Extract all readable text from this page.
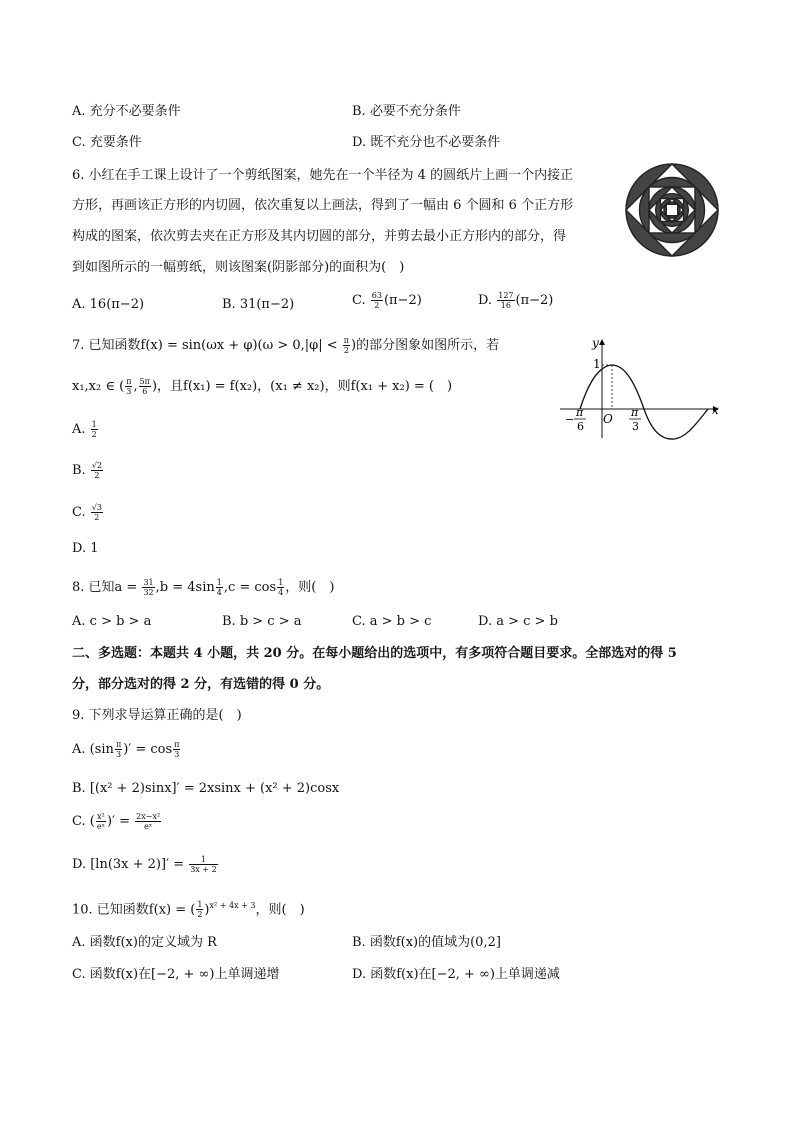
A. 充分不必要条件	B. 必要不充分条件
C. 充要条件	D. 既不充分也不必要条件
6. 小红在手工课上设计了一个剪纸图案，她先在一个半径为 4 的圆纸片上画一个内接正
方形，再画该正方形的内切圆，依次重复以上画法，得到了一幅由 6 个圆和 6 个正方形
构成的图案，依次剪去夹在正方形及其内切圆的部分，并剪去最小正方形内的部分，得
到如图所示的一幅剪纸，则该图案(阴影部分)的面积为(　)
A. 16(π−2)	B. 31(π−2)	C. $\frac{63}{2} (\pi-2)$	D. $\frac{127}{16} (\pi-2)$
7. 已知函数$f(x) = \sin(\omega x + \varphi)(\omega > 0,|\varphi| < \frac{\pi}{2}$ )的部分图象如图所示，若
x₁,x₂ ∈ ( $\frac{\pi}{3}$ , $\frac{5\pi}{6}$ )，且f(x₁) = f(x₂)，(x₁ ≠ x₂)，则f(x₁ + x₂) = (　)
y
x
O
1
−
π
6
π
3
A. $\frac{1}{2}$
B. $\frac{√2}{2}$
C. $\frac{√3}{2}$
D. 1
8. 已知$a = \frac{31}{32} ,b = 4\sin \frac{1}{4} ,c = \cos \frac{1}{4}$ ，则(　)
A. c > b > a	B. b > c > a	C. a > b > c	D. a > c > b
二、多选题：本题共 4 小题，共 20 分。在每小题给出的选项中，有多项符合题目要求。全部选对的得 5
分，部分选对的得 2 分，有选错的得 0 分。
9. 下列求导运算正确的是(　)
A. ($\sin \frac{\pi}{3}$ )′ = $\cos \frac{\pi}{3}$
B. [(x² + 2)sinx]′ = 2xsinx + (x² + 2)cosx
C. ( $\frac{\text{x²}}{\text{eˣ}}$ )′ = $\frac{\text{2x−x²}}{\text{eˣ}}$
D. $[\ln(3x + 2)]' = \frac{1}{3x + 2}$
10. 已知函数f(x) = ( $\frac{1}{2} )^{x^2 + 4x + 3}$，则(　)
A. 函数f(x)的定义域为 R	B. 函数f(x)的值域为(0,2]
C. 函数f(x)在[−2, + ∞)上单调递增	D. 函数f(x)在[−2, + ∞)上单调递减
